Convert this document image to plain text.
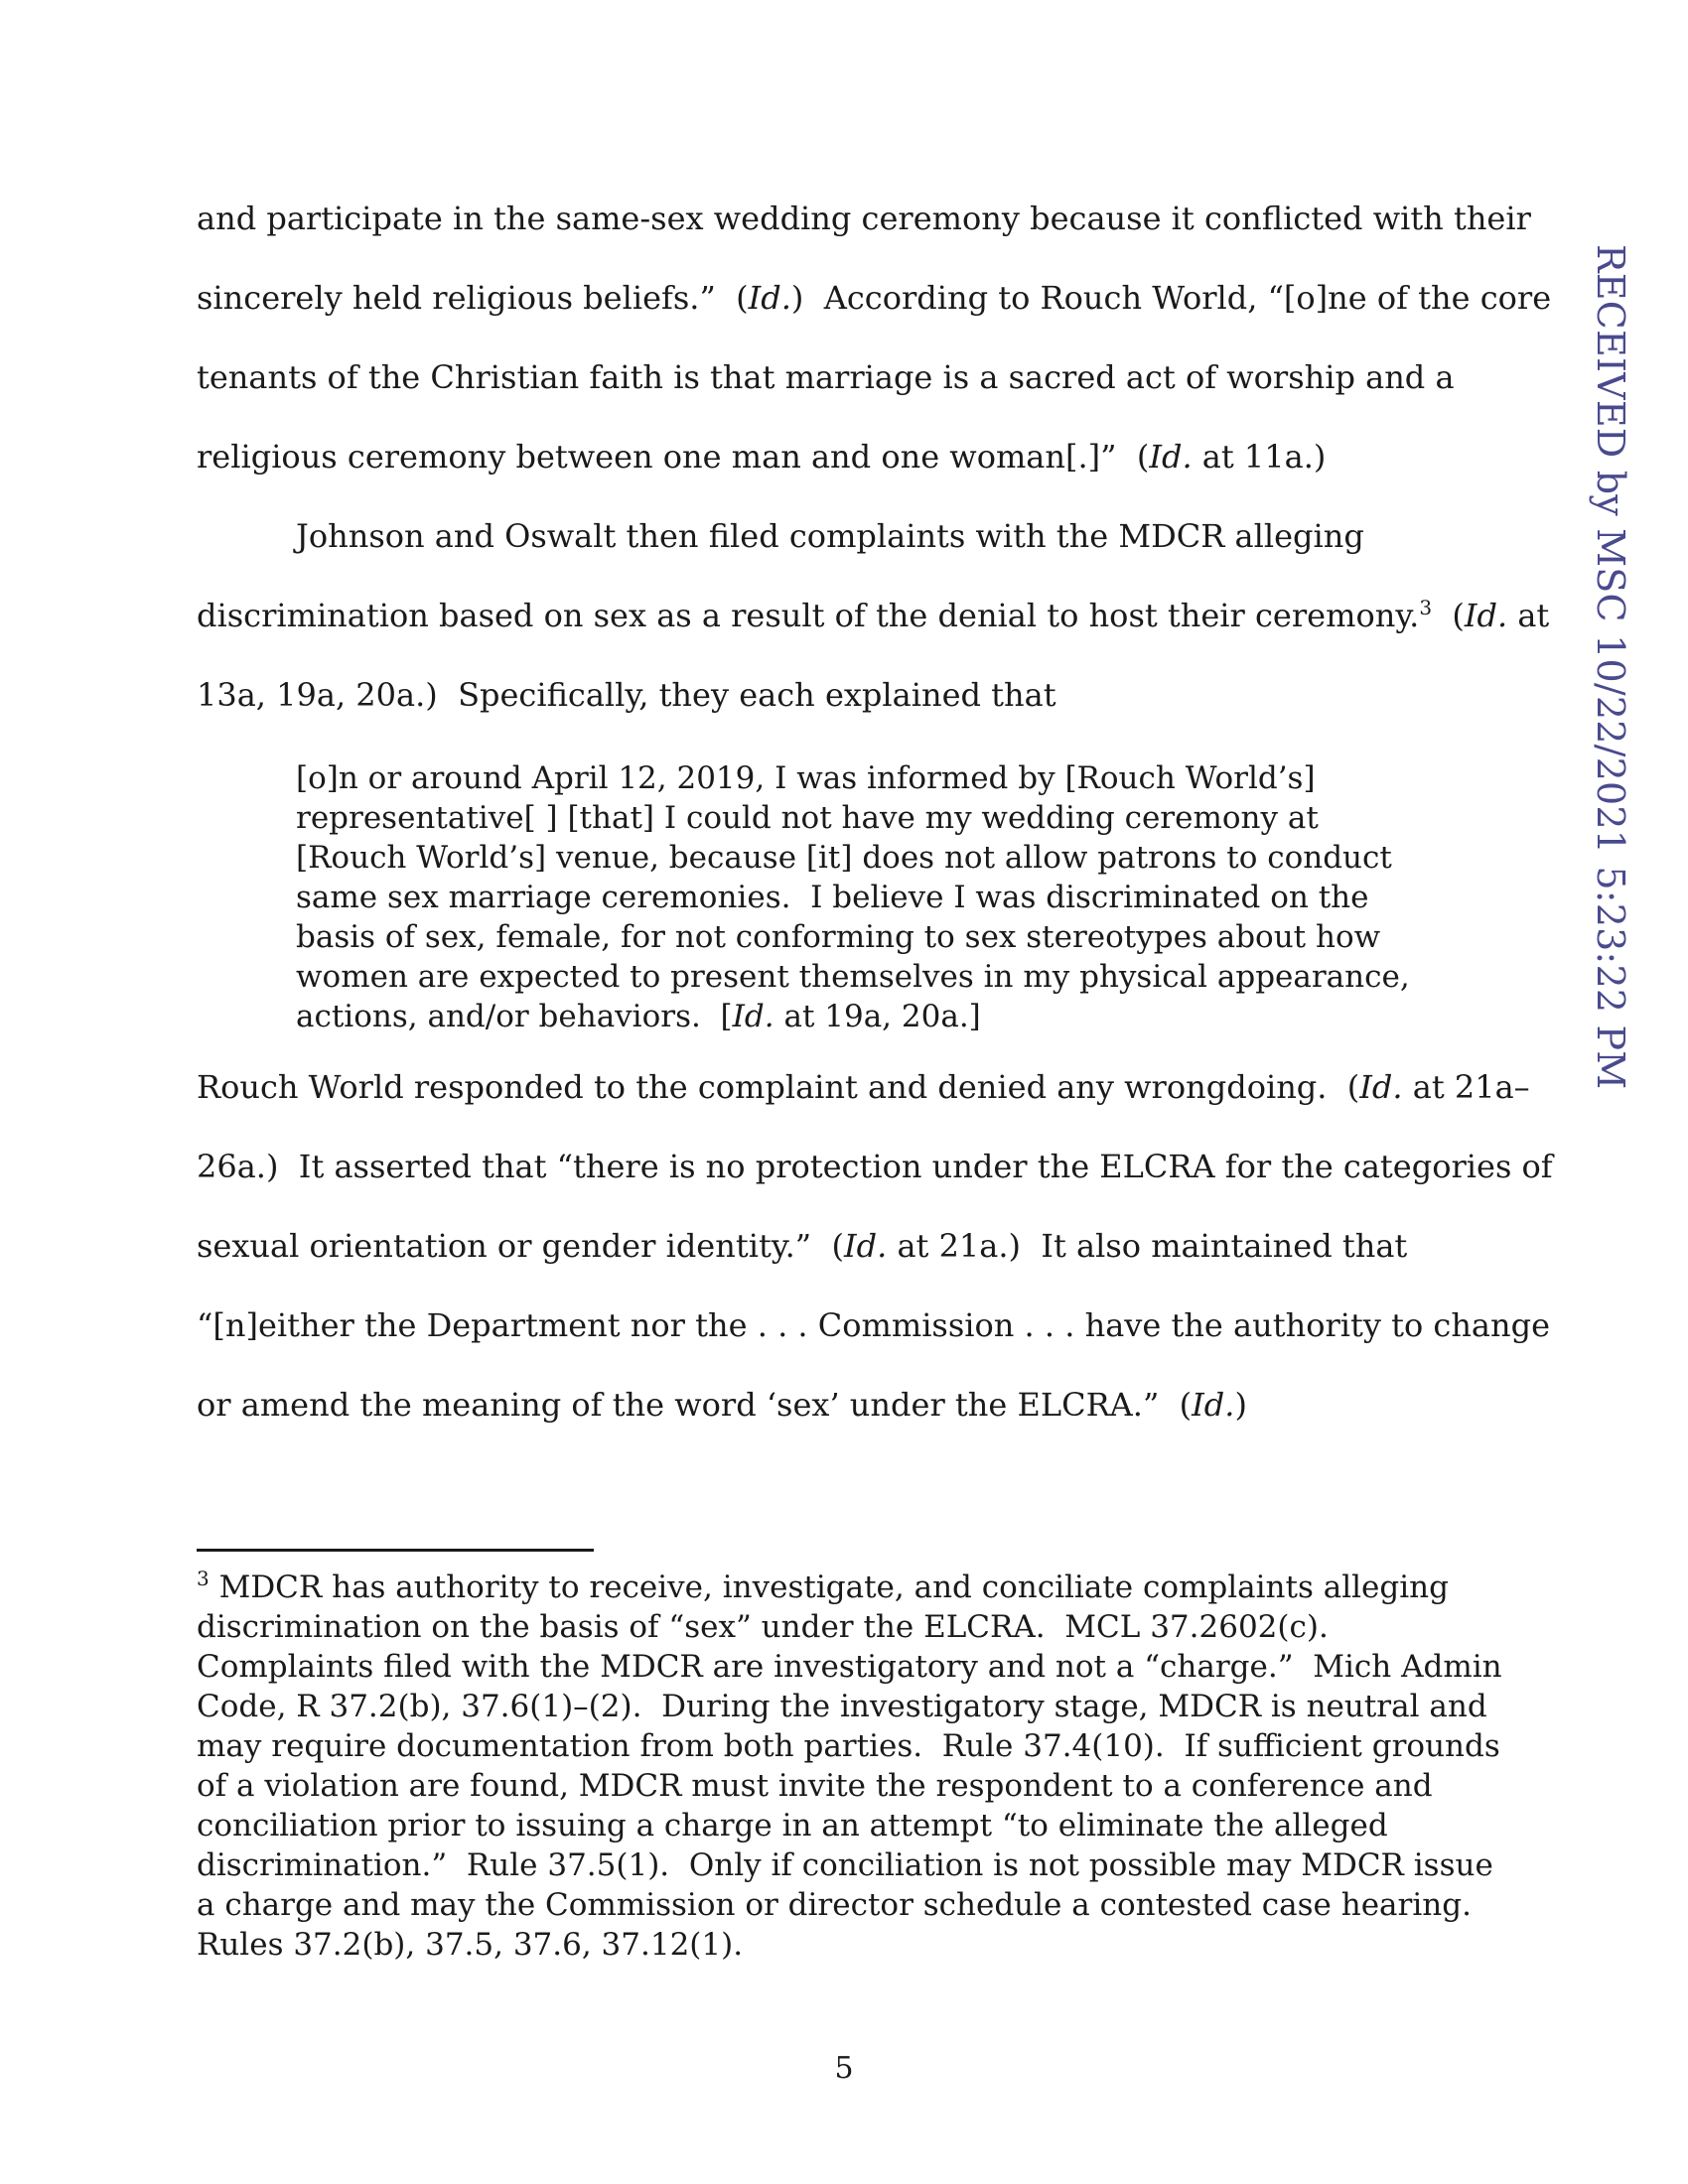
and participate in the same-sex wedding ceremony because it conflicted with their
sincerely held religious beliefs.”  (Id.)  According to Rouch World, “[o]ne of the core
tenants of the Christian faith is that marriage is a sacred act of worship and a
religious ceremony between one man and one woman[.]”  (Id. at 11a.)
Johnson and Oswalt then filed complaints with the MDCR alleging
discrimination based on sex as a result of the denial to host their ceremony.$^3$  (Id. at
13a, 19a, 20a.)  Specifically, they each explained that
[o]n or around April 12, 2019, I was informed by [Rouch World’s]
representative[ ] [that] I could not have my wedding ceremony at
[Rouch World’s] venue, because [it] does not allow patrons to conduct
same sex marriage ceremonies.  I believe I was discriminated on the
basis of sex, female, for not conforming to sex stereotypes about how
women are expected to present themselves in my physical appearance,
actions, and/or behaviors.  [Id. at 19a, 20a.]
Rouch World responded to the complaint and denied any wrongdoing.  (Id. at 21a–
26a.)  It asserted that “there is no protection under the ELCRA for the categories of
sexual orientation or gender identity.”  (Id. at 21a.)  It also maintained that
“[n]either the Department nor the . . . Commission . . . have the authority to change
or amend the meaning of the word ‘sex’ under the ELCRA.”  (Id.)
$^3$ MDCR has authority to receive, investigate, and conciliate complaints alleging
discrimination on the basis of “sex” under the ELCRA.  MCL 37.2602(c).
Complaints filed with the MDCR are investigatory and not a “charge.”  Mich Admin
Code, R 37.2(b), 37.6(1)–(2).  During the investigatory stage, MDCR is neutral and
may require documentation from both parties.  Rule 37.4(10).  If sufficient grounds
of a violation are found, MDCR must invite the respondent to a conference and
conciliation prior to issuing a charge in an attempt “to eliminate the alleged
discrimination.”  Rule 37.5(1).  Only if conciliation is not possible may MDCR issue
a charge and may the Commission or director schedule a contested case hearing.
Rules 37.2(b), 37.5, 37.6, 37.12(1).
5
RECEIVED by MSC 10/22/2021 5:23:22 PM
